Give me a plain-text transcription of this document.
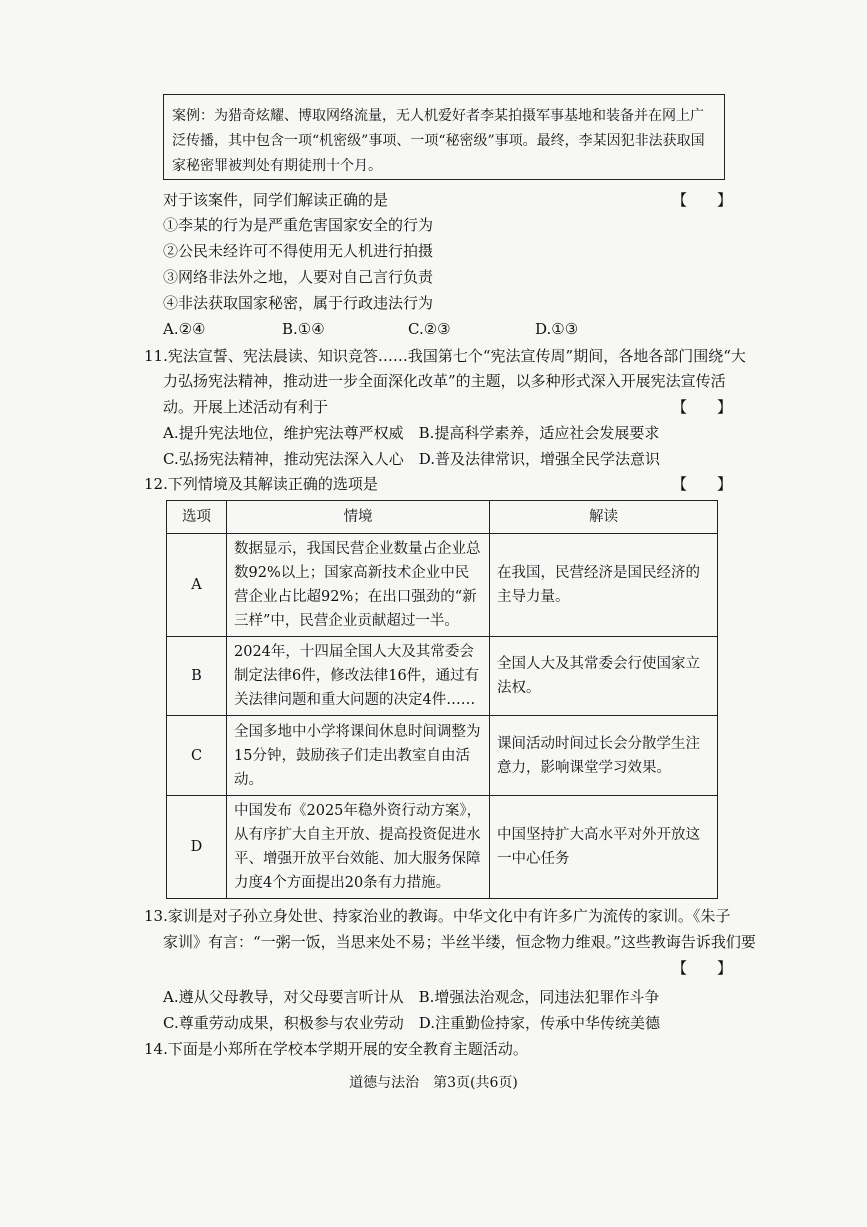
案例：为猎奇炫耀、博取网络流量，无人机爱好者李某拍摄军事基地和装备并在网上广
泛传播，其中包含一项“机密级”事项、一项“秘密级”事项。最终，李某因犯非法获取国
家秘密罪被判处有期徒刑十个月。
对于该案件，同学们解读正确的是	【　　】
①李某的行为是严重危害国家安全的行为
②公民未经许可不得使用无人机进行拍摄
③网络非法外之地，人要对自己言行负责
④非法获取国家秘密，属于行政违法行为
A.②④	B.①④	C.②③	D.①③
11.宪法宣誓、宪法晨读、知识竞答……我国第七个“宪法宣传周”期间，各地各部门围绕“大
力弘扬宪法精神，推动进一步全面深化改革”的主题，以多种形式深入开展宪法宣传活
动。开展上述活动有利于	【　　】
A.提升宪法地位，维护宪法尊严权威　B.提高科学素养，适应社会发展要求
C.弘扬宪法精神，推动宪法深入人心　D.普及法律常识，增强全民学法意识
12.下列情境及其解读正确的选项是	【　　】
选项	情境	解读
A	数据显示，我国民营企业数量占企业总数92%以上；国家高新技术企业中民营企业占比超92%；在出口强劲的“新三样”中，民营企业贡献超过一半。	在我国，民营经济是国民经济的主导力量。
B	2024年，十四届全国人大及其常委会制定法律6件，修改法律16件，通过有关法律问题和重大问题的决定4件……	全国人大及其常委会行使国家立法权。
C	全国多地中小学将课间休息时间调整为15分钟，鼓励孩子们走出教室自由活动。	课间活动时间过长会分散学生注意力，影响课堂学习效果。
D	中国发布《2025年稳外资行动方案》，从有序扩大自主开放、提高投资促进水平、增强开放平台效能、加大服务保障力度4个方面提出20条有力措施。	中国坚持扩大高水平对外开放这一中心任务
13.家训是对子孙立身处世、持家治业的教诲。中华文化中有许多广为流传的家训。《朱子
家训》有言：“一粥一饭，当思来处不易；半丝半缕，恒念物力维艰。”这些教诲告诉我们要
【　　】
A.遵从父母教导，对父母要言听计从　B.增强法治观念，同违法犯罪作斗争
C.尊重劳动成果，积极参与农业劳动　D.注重勤俭持家，传承中华传统美德
14.下面是小郑所在学校本学期开展的安全教育主题活动。
道德与法治　第3页(共6页)
